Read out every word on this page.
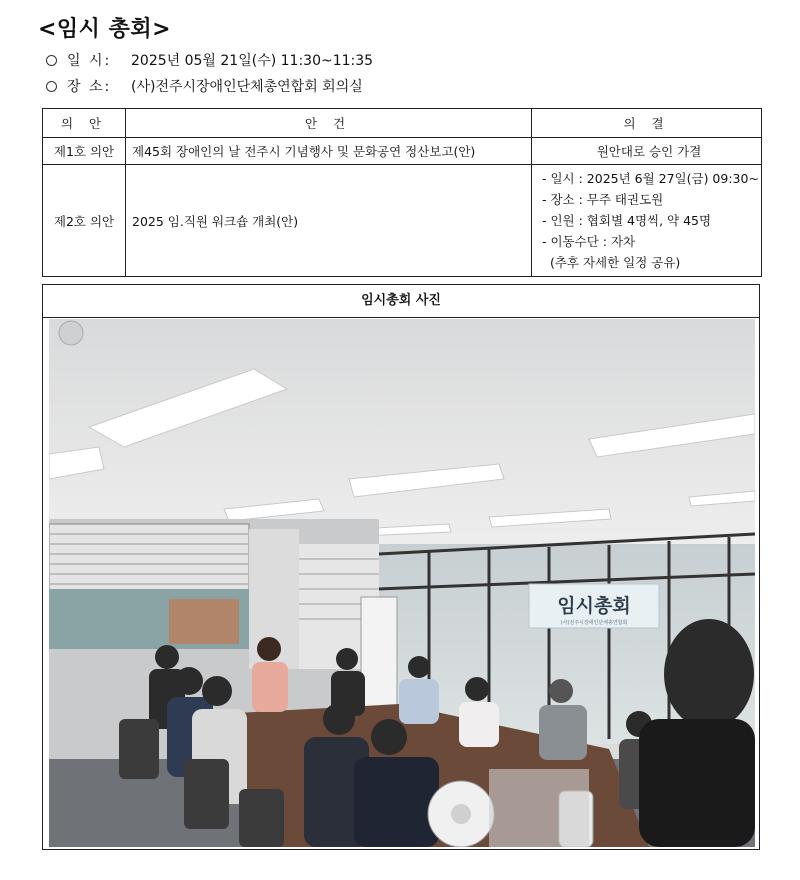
<임시 총회>
일 시:	2025년 05월 21일(수) 11:30~11:35
장 소:	(사)전주시장애인단체총연합회 회의실
의 안	안 건	의 결
제1호 의안	제45회 장애인의 날 전주시 기념행사 및 문화공연 정산보고(안)	원안대로 승인 가결
제2호 의안	2025 임.직원 워크숍 개최(안)	- 일시 : 2025년 6월 27일(금) 09:30~
- 장소 : 무주 태권도원
- 인원 : 협회별 4명씩, 약 45명
- 이동수단 : 자차
(추후 자세한 일정 공유)
임시총회 사진
임시총회
(사)전주시장애인단체총연합회
